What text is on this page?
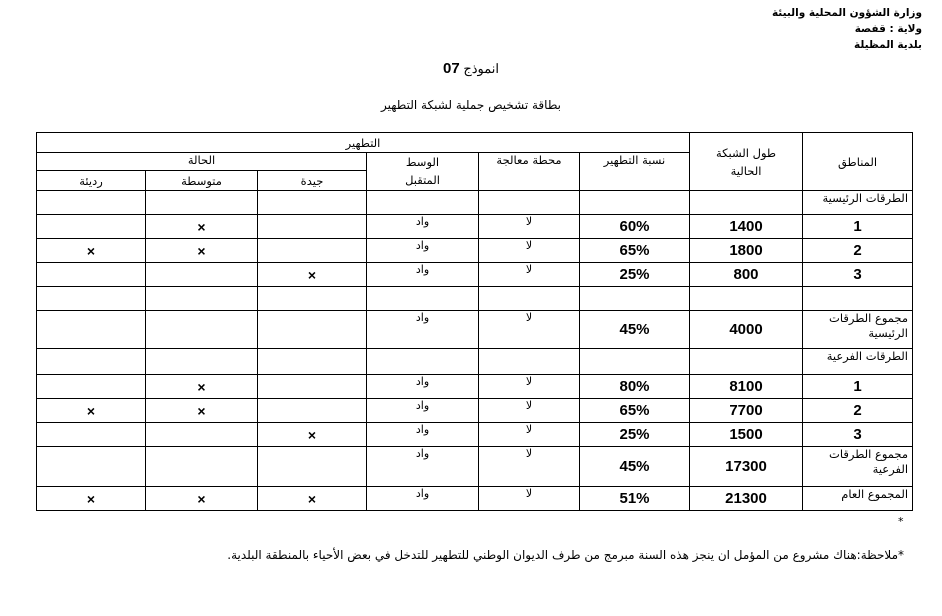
وزارة الشؤون المحلية والبيئة
ولاية : قفصة
بلدية المظيلة
انموذج 07
بطاقة تشخيص جملية لشبكة التطهير
التطهير						طول الشبكة الحالية	المناطق
الحالة			الوسط المتقبل	محطة معالجة	نسبة التطهير		
رديئة	متوسطة	جيدة					
							الطرقات الرئيسية
	×		واد	لا	60%	1400	1
×	×		واد	لا	65%	1800	2
		×	واد	لا	25%	800	3

			واد	لا	45%	4000	مجموع الطرقات الرئيسية
							الطرقات الفرعية
	×		واد	لا	80%	8100	1
×	×		واد	لا	65%	7700	2
		×	واد	لا	25%	1500	3
			واد	لا	45%	17300	مجموع الطرقات الفرعية
×	×	×	واد	لا	51%	21300	المجموع العام
*
*ملاحظة:هناك مشروع من المؤمل ان ينجز هذه السنة مبرمج من طرف الديوان الوطني للتطهير للتدخل في بعض الأحياء بالمنطقة البلدية.
